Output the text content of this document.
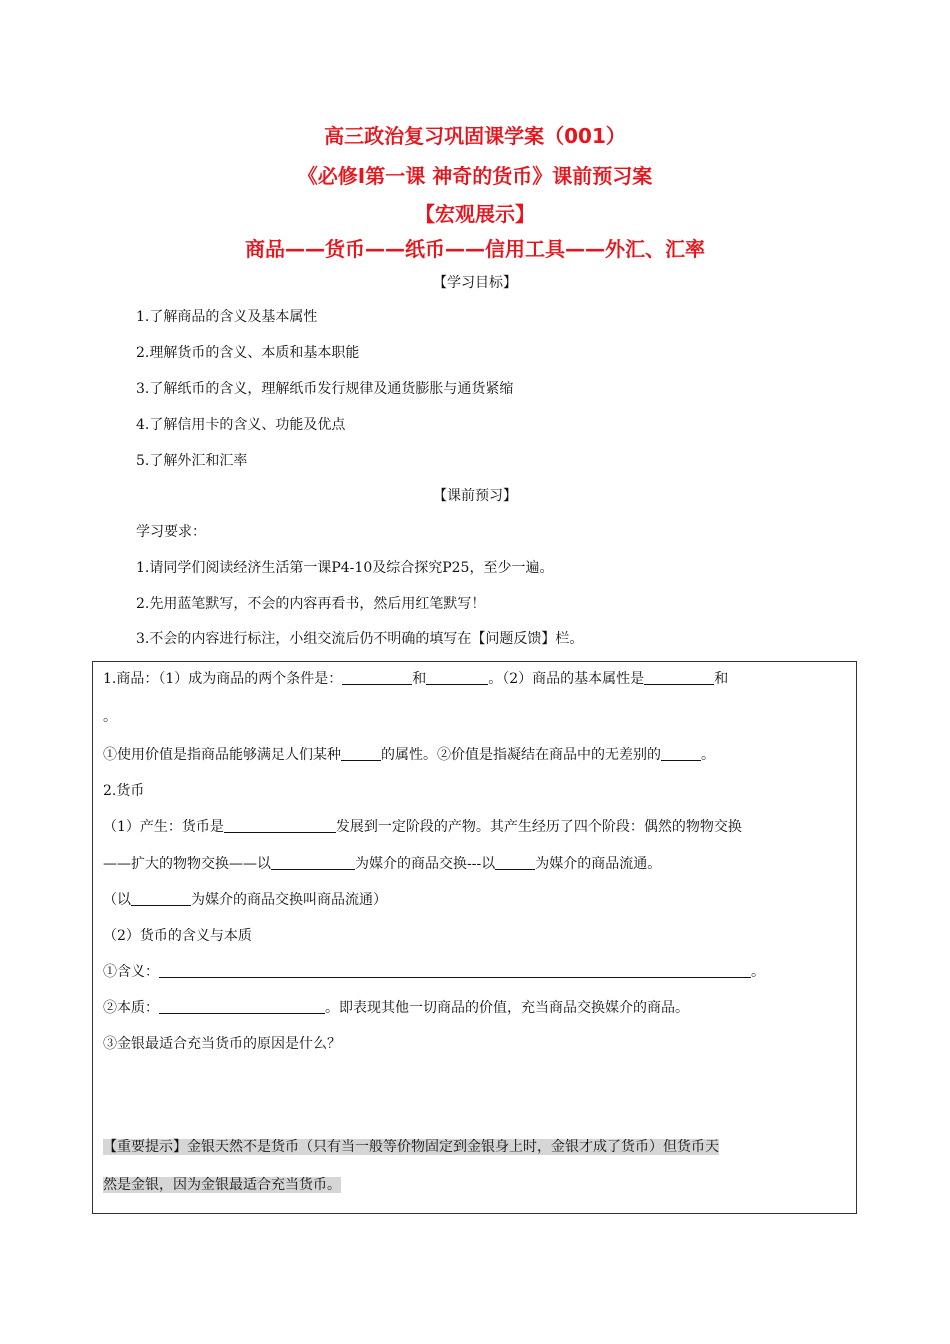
高三政治复习巩固课学案（001）
《必修Ⅰ第一课 神奇的货币》课前预习案
【宏观展示】
商品——货币——纸币——信用工具——外汇、汇率
【学习目标】
1.了解商品的含义及基本属性
2.理解货币的含义、本质和基本职能
3.了解纸币的含义，理解纸币发行规律及通货膨胀与通货紧缩
4.了解信用卡的含义、功能及优点
5.了解外汇和汇率
【课前预习】
学习要求：
1.请同学们阅读经济生活第一课P4-10及综合探究P25，至少一遍。
2.先用蓝笔默写，不会的内容再看书，然后用红笔默写！
3.不会的内容进行标注，小组交流后仍不明确的填写在【问题反馈】栏。
1.商品：（1）成为商品的两个条件是：	和	。（2）商品的基本属性是	和
。
①使用价值是指商品能够满足人们某种	的属性。②价值是指凝结在商品中的无差别的	。
2.货币
（1）产生：货币是	发展到一定阶段的产物。其产生经历了四个阶段：偶然的物物交换
——扩大的物物交换——以	为媒介的商品交换---以	为媒介的商品流通。
（以	为媒介的商品交换叫商品流通）
（2）货币的含义与本质
①含义：	。
②本质：	。即表现其他一切商品的价值，充当商品交换媒介的商品。
③金银最适合充当货币的原因是什么？
【重要提示】金银天然不是货币（只有当一般等价物固定到金银身上时，金银才成了货币）但货币天
然是金银，因为金银最适合充当货币。
